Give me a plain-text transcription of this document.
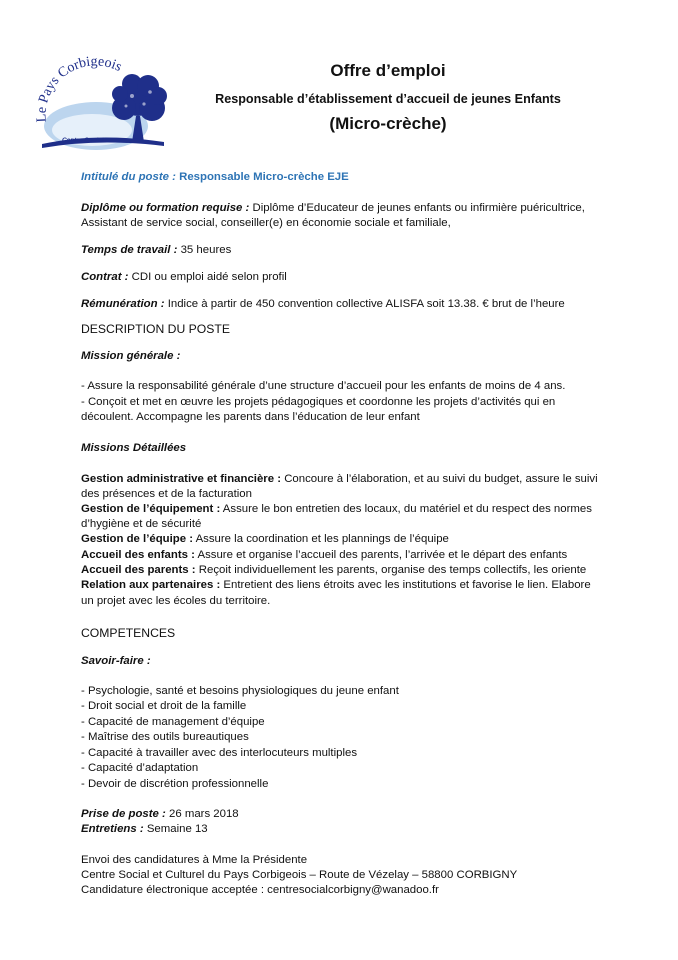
Le Pays Corbigeois
Centre Social
Offre d’emploi
Responsable d’établissement d’accueil de jeunes Enfants
(Micro-crèche)
Intitulé du poste : Responsable Micro-crèche EJE
Diplôme ou formation requise : Diplôme d’Educateur de jeunes enfants ou infirmière puéricultrice,
Assistant de service social, conseiller(e) en économie sociale et familiale,
Temps de travail : 35 heures
Contrat : CDI ou emploi aidé selon profil
Rémunération : Indice à partir de 450 convention collective ALISFA soit 13.38. € brut de l’heure
DESCRIPTION DU POSTE
Mission générale :
- Assure la responsabilité générale d’une structure d’accueil pour les enfants de moins de 4 ans.
- Conçoit et met en œuvre les projets pédagogiques et coordonne les projets d’activités qui en
découlent. Accompagne les parents dans l’éducation de leur enfant
Missions Détaillées
Gestion administrative et financière : Concoure à l’élaboration, et au suivi du budget, assure le suivi
des présences et de la facturation
Gestion de l’équipement : Assure le bon entretien des locaux, du matériel et du respect des normes
d’hygiène et de sécurité
Gestion de l’équipe : Assure la coordination et les plannings de l’équipe
Accueil des enfants : Assure et organise l’accueil des parents, l’arrivée et le départ des enfants
Accueil des parents : Reçoit individuellement les parents, organise des temps collectifs, les oriente
Relation aux partenaires : Entretient des liens étroits avec les institutions et favorise le lien. Elabore
un projet avec les écoles du territoire.
COMPETENCES
Savoir-faire :
- Psychologie, santé et besoins physiologiques du jeune enfant
- Droit social et droit de la famille
- Capacité de management d’équipe
- Maîtrise des outils bureautiques
- Capacité à travailler avec des interlocuteurs multiples
- Capacité d’adaptation
- Devoir de discrétion professionnelle
Prise de poste : 26 mars 2018
Entretiens : Semaine 13
Envoi des candidatures à Mme la Présidente
Centre Social et Culturel du Pays Corbigeois – Route de Vézelay – 58800 CORBIGNY
Candidature électronique acceptée : centresocialcorbigny@wanadoo.fr
